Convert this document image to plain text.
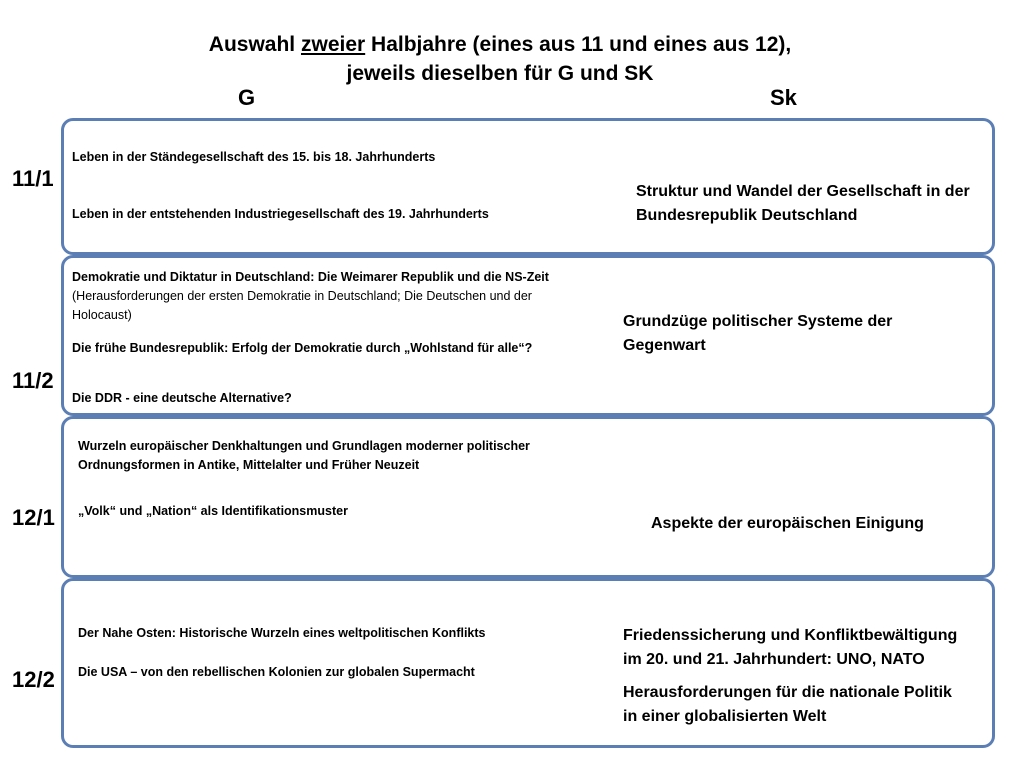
Auswahl zweier Halbjahre (eines aus 11 und eines aus 12),
jeweils dieselben für G und SK
G	Sk
11/1
11/2
12/1
12/2
Leben in der Ständegesellschaft des 15. bis 18. Jahrhunderts
Leben in der entstehenden Industriegesellschaft des 19. Jahrhunderts
Struktur und Wandel der Gesellschaft in der
Bundesrepublik Deutschland
Demokratie und Diktatur in Deutschland: Die Weimarer Republik und die NS-Zeit
(Herausforderungen der ersten Demokratie in Deutschland; Die Deutschen und der
Holocaust)
Die frühe Bundesrepublik: Erfolg der Demokratie durch „Wohlstand für alle“?
Die DDR - eine deutsche Alternative?
Grundzüge politischer Systeme der
Gegenwart
Wurzeln europäischer Denkhaltungen und Grundlagen moderner politischer
Ordnungsformen in Antike, Mittelalter und Früher Neuzeit
„Volk“ und „Nation“ als Identifikationsmuster
Aspekte der europäischen Einigung
Der Nahe Osten: Historische Wurzeln eines weltpolitischen Konflikts
Die USA – von den rebellischen Kolonien zur globalen Supermacht
Friedenssicherung und Konfliktbewältigung
im 20. und 21. Jahrhundert: UNO, NATO
Herausforderungen für die nationale Politik
in einer globalisierten Welt
